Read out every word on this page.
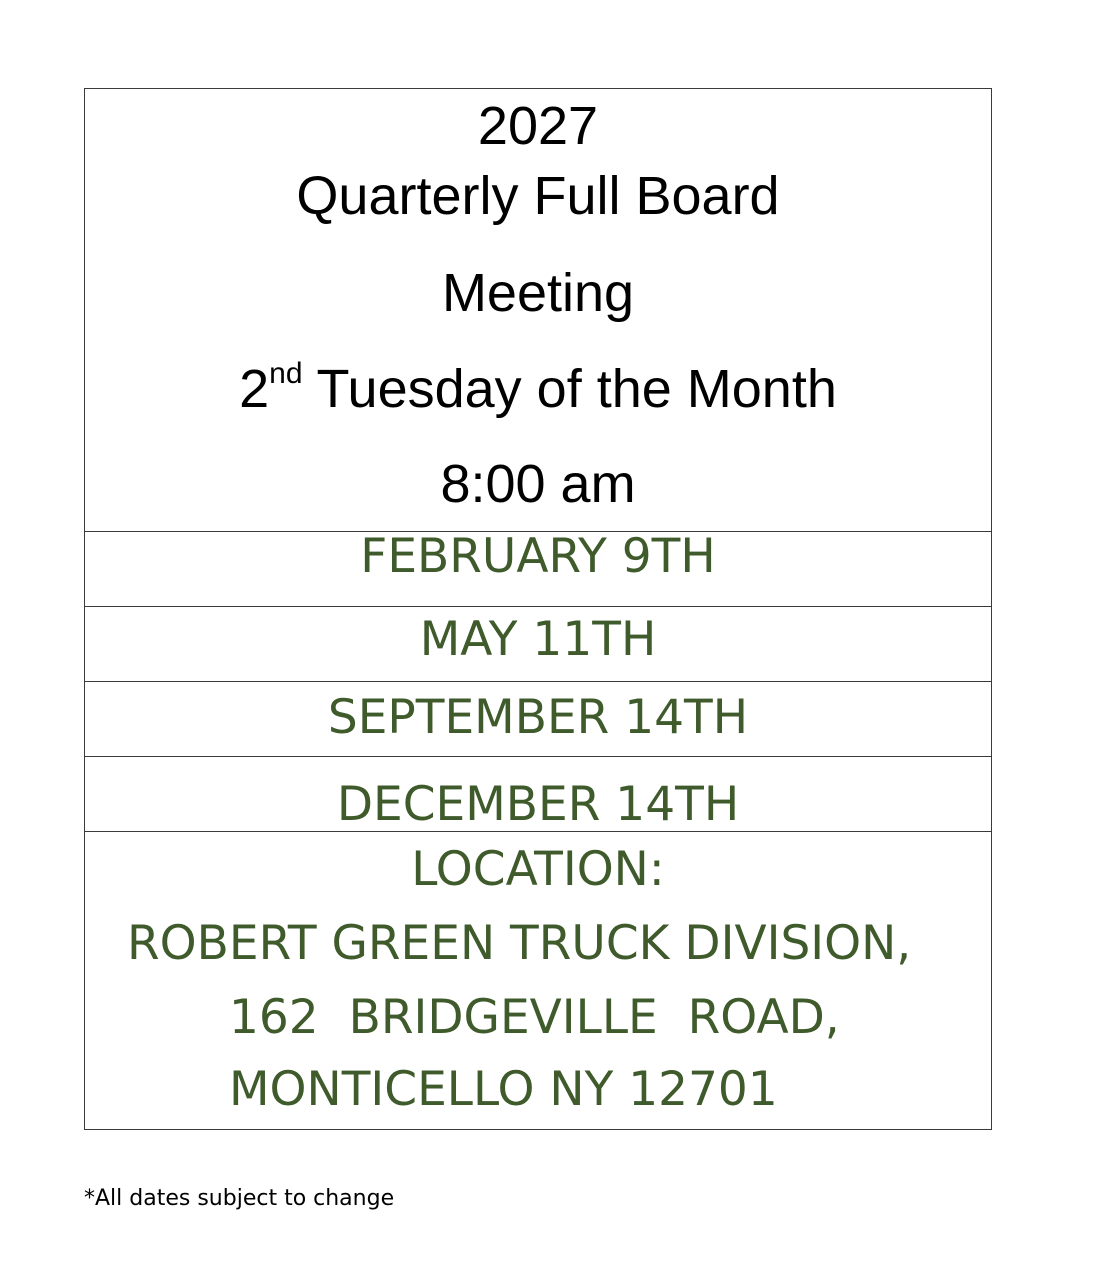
2027
Quarterly Full Board
Meeting
2nd Tuesday of the Month
8:00 am
FEBRUARY 9TH
MAY 11TH
SEPTEMBER 14TH
DECEMBER 14TH
LOCATION:
ROBERT GREEN TRUCK DIVISION,
162  BRIDGEVILLE  ROAD,
MONTICELLO NY 12701
*All dates subject to change
